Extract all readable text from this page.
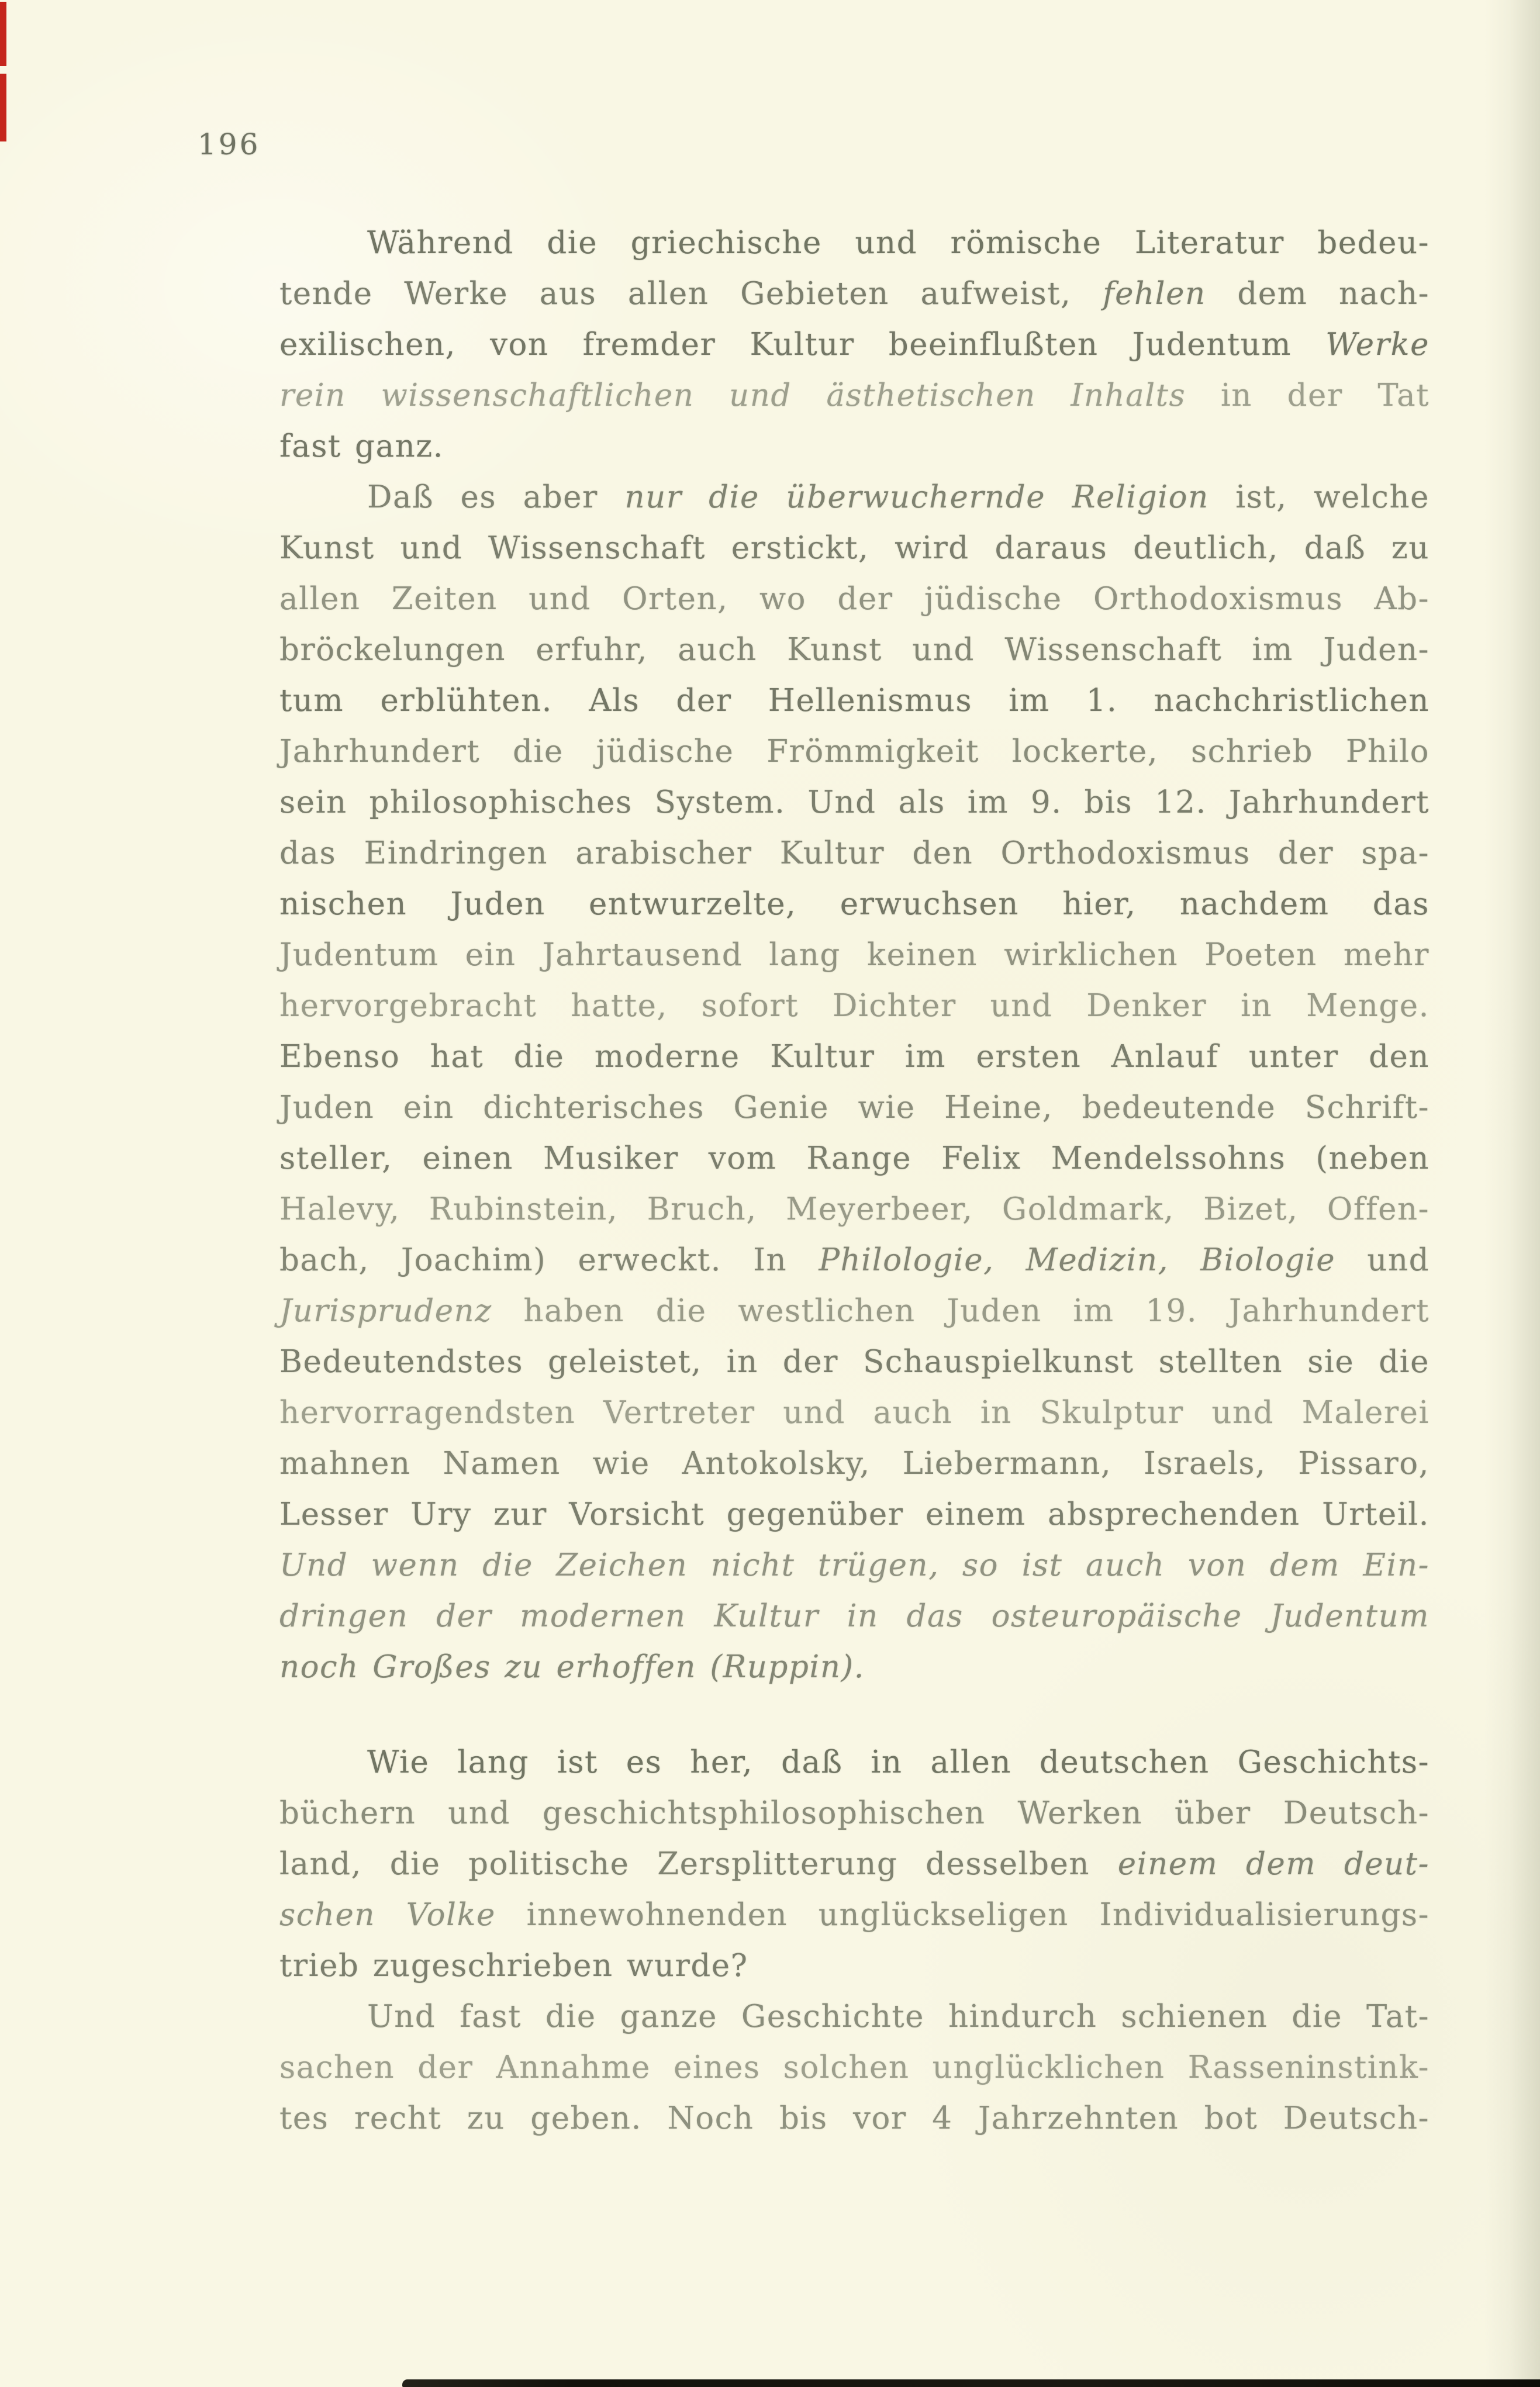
196
Während die griechische und römische Literatur bedeu-
tende Werke aus allen Gebieten aufweist, fehlen dem nach-
exilischen, von fremder Kultur beeinflußten Judentum Werke
rein wissenschaftlichen und ästhetischen Inhalts in der Tat
fast ganz.
Daß es aber nur die überwuchernde Religion ist, welche
Kunst und Wissenschaft erstickt, wird daraus deutlich, daß zu
allen Zeiten und Orten, wo der jüdische Orthodoxismus Ab-
bröckelungen erfuhr, auch Kunst und Wissenschaft im Juden-
tum erblühten. Als der Hellenismus im 1. nachchristlichen
Jahrhundert die jüdische Frömmigkeit lockerte, schrieb Philo
sein philosophisches System. Und als im 9. bis 12. Jahrhundert
das Eindringen arabischer Kultur den Orthodoxismus der spa-
nischen Juden entwurzelte, erwuchsen hier, nachdem das
Judentum ein Jahrtausend lang keinen wirklichen Poeten mehr
hervorgebracht hatte, sofort Dichter und Denker in Menge.
Ebenso hat die moderne Kultur im ersten Anlauf unter den
Juden ein dichterisches Genie wie Heine, bedeutende Schrift-
steller, einen Musiker vom Range Felix Mendelssohns (neben
Halevy, Rubinstein, Bruch, Meyerbeer, Goldmark, Bizet, Offen-
bach, Joachim) erweckt. In Philologie, Medizin, Biologie und
Jurisprudenz haben die westlichen Juden im 19. Jahrhundert
Bedeutendstes geleistet, in der Schauspielkunst stellten sie die
hervorragendsten Vertreter und auch in Skulptur und Malerei
mahnen Namen wie Antokolsky, Liebermann, Israels, Pissaro,
Lesser Ury zur Vorsicht gegenüber einem absprechenden Urteil.
Und wenn die Zeichen nicht trügen, so ist auch von dem Ein-
dringen der modernen Kultur in das osteuropäische Judentum
noch Großes zu erhoffen (Ruppin).
Wie lang ist es her, daß in allen deutschen Geschichts-
büchern und geschichtsphilosophischen Werken über Deutsch-
land, die politische Zersplitterung desselben einem dem deut-
schen Volke innewohnenden unglückseligen Individualisierungs-
trieb zugeschrieben wurde?
Und fast die ganze Geschichte hindurch schienen die Tat-
sachen der Annahme eines solchen unglücklichen Rasseninstink-
tes recht zu geben. Noch bis vor 4 Jahrzehnten bot Deutsch-
